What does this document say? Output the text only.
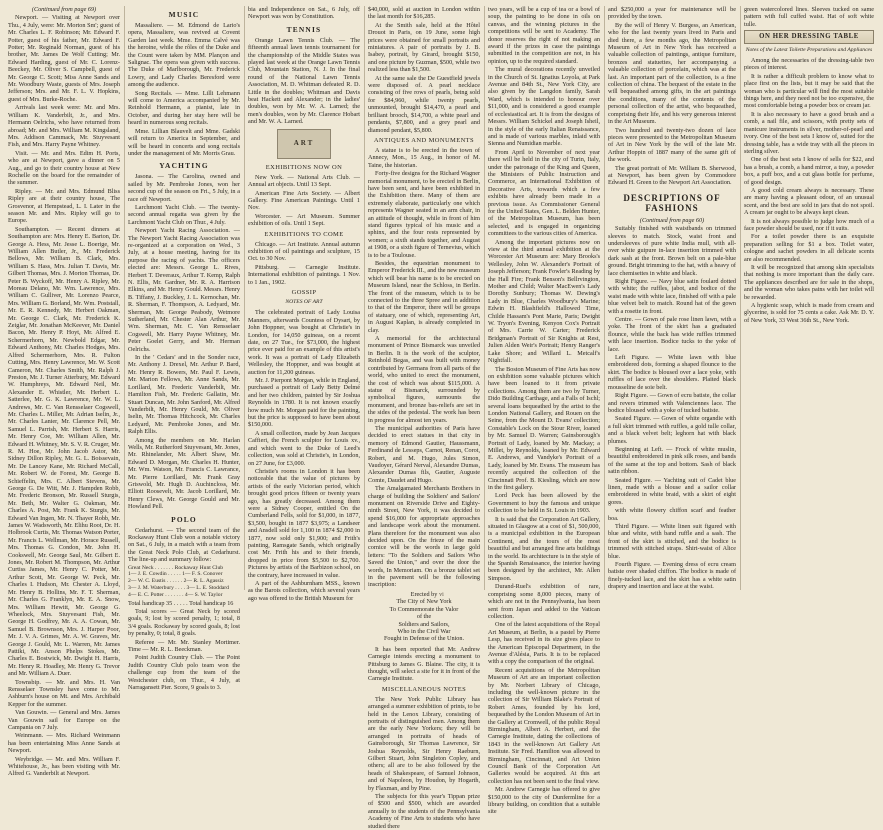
(Continued from page 69)

Newport. — Visiting at Newport over Thu., 4 July, were: Mr. Morton Sm'; guest of Mr. Charles L. F. Robinson; Mr. Edward F. Potter, guest of his father, Mr. Edward F. Potter; Mr. Reginald Norman, guest of his brother, Mr. James De Wolf Cutting; Mr. Edward Harding, guest of Mr. C. Lorenz-Beeckey, Mr. Oliver S. Campbell, guest of Mr. George C. Scott; Miss Anne Sands and Mr. Woodbury Waste, guests of Mrs. Joseph Jefferson; Mrs. and Mr. F. L. V. Hopkins, guest of Mrs. Burke-Roche.

Arrivals last week were: Mr. and Mrs. William K. Vanderbilt, Jr., and Mrs. Hermann Oelrichs, who have returned from abroad; Mr. and Mrs. William M. Kingsland, Mrs. Addison Cammack, Mr. Stuyvesant Fish, and Mrs. Harry Payne Whitney.

Visit. — Mr. and Mrs. Edim H. Ports, who are at Newport, gave a dinner on 5 Aug., and go to their country house at New Rochelle on the board for the remainder of the summer.

Ripley. — Mr. and Mrs. Edmund Bliss Ripley are at their country house, The Grosvenor, at Hempstead, L. I. Later in the season Mr. and Mrs. Ripley will go to Europe.

Southampton. — Recent dinners at Southampton are: Mrs. Henry E. Barton, Dr. George A. Hess, Mr. Jesse L. Boerige, Mr. William Allen Butler, Jr., Mr. Frederick Bellows, Mr. William B. Clark, Mrs. William S. Hass, Mrs. Julian T. Davis, Mr. Gilbert Thomas, Mrs. J. Morton Thomas, Dr. Peter B. Wyckoff, Mr. Henry A. Ripley, Mr. Moreau Delano, Mr. Wm. Lawrence, Mrs. William C. Gulliver, Mr. Lorenzo Pearce, Mrs. William G. Borland, Mr. Wm. Poststall, Mr. E. R. Kennedy, Mr. Herbert Oakman, Mr. George C. Clark, Mr. Frederick K. Zeiglar, Mr. Jonathan McKeever, Mr. Daniel Bacon, Mr. Henry P. Hoyt, Mr. Alfred E. Schermerhorn, Mr. Newbold Edgar, Mr. Edward Anthony, Mr. Charles Hodges, Mrs. Alfred Schermerhorn, Mrs. R. Fulton Cutting, Mrs. Henry Lawrence, Mr. W. Scott Cameron, Mr. Charles Smith, Mr. Ralph J. Preston, Mr. J. Turner Atterbury, Mr. Edward W. Humphreys, Mr. Edward Neil, Mr. Alexander E. Whistler, Mr. Herbert L. Satterlee, Mr. G. K. Lawrence, Mr. W. L. Andrews, Mr. C. Van Rensselaer Cogswell, Mr. Charles L. Miller, Mr. Adrian Iselin, Jr., Mr. Charles Lanier, Mr. Clarence Pell, Mr. Samuel L. Parrish, Mr. Herbert S. Harris, Mr. Henry Coe, Mr. William Allen, Mr. Edward H. Whitney, Mr. S. V. R. Cruger, Mr. R. M. Hoe, Mr. John Jacob Astor, Mr. Sidney Dillon Ripley, Mr. G. L. Boissevain, Mr. De Lancey Kane, Mr. Richard McCall, Mr. Robert W. de Forest, Mr. George B. Schieffelin, Mrs. C. Albert Stevens, Mr. George G. De Witt, Mr. J. Hampden Robb, Mr. Frederic Bronson, Mr. Russell Sturgis, Mr. Beth, Mr. Walter G. Oakman, Mr. Charles A. Post, Mr. Frank K. Sturgis, Mr. Edward Van Ingen, Mr. N. Thayer Robb, Mr. James W. Wadsworth, Mr. Elihu Root, Dr. H. Holbrook Curtis, Mr. Thomas Watson Porter, Mr. Francis L. Wellman, Mr. Horace Russell, Mrs. Thomas G. Condon, Mr. John H. Cookswell, Mr. George Saul, Mr. Gilbert E. Jones, Mr. Robert M. Thompson, Mr. Arthur Curtiss James, Mr. Henry C. Potter, Mr. Arthur Scott, Mr. George W. Peck, Mr. Charles I. Hudson, Mr. Chester A. Lloyd, Mr. Henry B. Hollins, Mr. F. T. Sherman, Mr. Charles G. Franklyn, Mr. E. A. Snow, Mrs. William Hewitt, Mr. George G. Wheelock, Mrs. Stuyvesant Fish, Mr. George H. Godfrey, Mr. A. A. Cowan, Mr. Samuel B. Brownson, Mrs. J. Harper Poor, Mr. J. V. A. Grimes, Mr. A. W. Graves, Mr. George J. Gould, Mr. L. Warren, Mr. James Pattiki, Mr. Anson Phelps Stokes, Mr. Charles E. Bostwick, Mr. Dwight H. Harris, Mr. Henry R. Hoadley, Mr. Henry G. Trevor and Mr. William A. Duer.

Townsbip. — Mr. and Mrs. H. Van Rensselaer Townsley have come to Mr. Ashburn's house on Mt. and Mrs. Archibald Kepper for the summer.

Van Gouwin. — General and Mrs. James Van Gouwin sail for Europe on the Campania on 7 July.

Weinmann. — Mrs. Richard Weinmann has been entertaining Miss Anne Sands at Newport.

Weybridge. — Mr. and Mrs. William F. Whitehouse, Jr., has been visiting with Mr. Alfred G. Vanderbilt at Newport.

MUSIC

Massaliere. — M. Edmond de Lario's opera, Massaliere, was revived at Covent Garden last week. Mme. Emma Calvé was the heroine, while the rôles of the Duke and the Count were taken by MM. Plançon and Salignac. The opera was given with success. The Duke of Marlborough, Mr. Frederick Lowry, and Lady Charles Beresford were among the audience.

Song Recitals. — Mme. Lilli Lehmann will come to America accompanied by Mr. Reinhold Hermann, a pianist, late in October, and during her stay here will be heard in numerous song recitals.

Mme. Lillian Blauvelt and Mme. Gadski will return to America in September, and will be heard in concerts and song recitals under the management of Mr. Morris Grau.

YACHTING

Jasona. — The Carolina, owned and sailed by Mr. Pembroke Jones, won her second cup of the season on Fri., 5 July, in a race off Newport.

Larchmont Yacht Club. — The twenty-second annual regatta was given by the Larchmont Yacht Club on Thur., 4 July.

Newport Yacht Racing Association. — The Newport Yacht Racing Association was re-organized at a corporation on Wed., 3 July, at a house meeting, having for its purpose the racing of yachts. The officers elected are: Messrs. George L. Rives, Herbert T. Deveraux, Arthur T. Kemp, Ralph N. Ellis, Mr. Gardner, Mr. R. A. Harrison Elkins, and Mr. Henry Gould. Messrs. Henry B. Tiffany, J. Buckley, J. L. Kernochan, Mr. R. Sherman, F. Thompson, A. Ledyard, Mr. Sherman, Mr. George Peabody, Wetmore Sutherland, Mr. Chester Alan Arthur, Mr. Wm. Sherman, Mr. C. Van Rensselaer Cogswell, Mr. Harry Payne Whitney, Mr. Peter Goelet Gerry, and Mr. Herman Oelrichs.

In the ' Cedars' and in the Sonder race, Mr. Anthony J. Drexel, Mr. Arthur P. Bard, Mr. Henry R. Bowers, Mr. Paul F. Lewis, Mr. Marion Fellows, Mr. Anne Sands, Mr. Lorillard, Mr. Frederic Vanderbilt, Mr. Hamilton Fish, Mr. Frederic Gallatin, Mr. Stuart Duncan, Mr. John Sanford, Mr. Alfred Vanderbilt, Mr. Henry Gould, Mr. Oliver Iselin, Mr. Thomas Hitchcock, Mr. Charles Ledyard, Mr. Pembroke Jones, and Mr. Ralph Ellis.

Among the members on Mr. Harlan Wells, Mr. Rutherford Stuyvesant, Mr. Jones, Mr. Rhinelander, Mr. Albert Shaw, Mr. Edward D. Morgan, Mr. Charles H. Hunter, Mr. Wm. Watson, Mr. Francis C. Lawrance, Mr. Pierre Lorillard, Mr. Frank Gray Griswold, Mr. Hugh D. Auchincloss, Mr. Elliott Roosevelt, Mr. Jacob Lorillard, Mr. Henry Clews, Mr. George Gould and Mr. Howland Pell.

POLO

Cedarhurst. — The second team of the Rockaway Hunt Club won a notable victory on Sat., 6 July, in a match with a team from the Great Neck Polo Club, at Cedarhurst. The line-up and summary follow:

Great Neck . . . . . . . Rockaway Hunt Club
1— J. E. Cowdin . . . . . 1— F. S. Conover
2— W. C. Eustis . . . . . . 2— R. L. Agassiz
3— J. M. Waterbury . . . . 3— L. E. Stoddard
4— E. C. Potter . . . . . . . 4— S. W. Taylor

Total handicap 35 . . . . . Total handicap 16

Total scores — Great Neck by scored goals, 9; lost by scored penalty, 1; total, 8 3/4 goals. Rockaway by scored goals, 8; lost by penalty, 0; total, 8 goals.

Referee — Mr. Mr. Stanley Mortimer. Time — Mr. R. L. Beeckman.

Point Judith Country Club. — The Point Judith Country Club polo team won the challenge cup from the team of the Westchester club, on Thur., 4 July, at Narragansett Pier. Score, 9 goals to 3.

bia and Independence on Sat., 6 July, off Newport was won by Constitution.

TENNIS

Orange Lawn Tennis Club. — The fifteenth annual lawn tennis tournament for the championship of the Middle States was played last week at the Orange Lawn Tennis Club, Mountain Station, N. J. In the final round of the National Lawn Tennis Association, M. D. Whitman defeated R. D. Little in the doubles; Whitman and Davis beat Hackett and Alexander; in the ladies' doubles, won by Mr. W. A. Larned; the men's doubles, won by Mr. Clarence Hobart and Mr. W. A. Larned.

ART
EXHIBITIONS NOW ON

New York. — National Arts Club. — Annual art objects. Until 13 Sept.

American Fine Arts Society. — Albert Gallery. Fine American Paintings. Until 1 Nov.

Worcester. — Art Museum. Summer exhibition of oils. Until 1 Sept.

EXHIBITIONS TO COME

Chicago. — Art Institute. Annual autumn exhibition of oil paintings and sculpture, 15 Oct. to 30 Nov.

Pittsburg. — Carnegie Institute. International exhibition of paintings. 1 Nov. to 1 Jan., 1902.

GOSSIP
NOTES OF ART

The celebrated portrait of Lady Louisa Manners, afterwards Countess of Dysart, by John Hoppner, was bought at Christie's in London, for 14,050 guineas, on a recent date, on 27 Tue., for $73,000, the highest price ever paid for an example of this artist's work. It was a portrait of Lady Elizabeth Wellesley, the Hoppner, and was bought at auction for 11,200 guineas.

Mr. J. Pierpont Morgan, while in England, purchased a portrait of Lady Betty Delmé and her two children, painted by Sir Joshua Reynolds in 1780. It is not known exactly how much Mr. Morgan paid for the painting, but the price is supposed to have been about $150,000.

A small collection, made by Jean Jacques Caffieri, the French sculptor for Louis xv., and which went to the Duke of Leed's collection, was sold at Christie's, in London, on 27 June, for £3,000.

Christie's rooms in London it has been noticeable that the value of pictures by artists of the early Victorian period, which brought good prices fifteen or twenty years ago, has greatly decreased. Among them were a Sidney Cooper, entitled On the Cumberland Fells, sold for $1,000, in 1877, $3,500, bought in 1877 $3,975; a Landseer and Ansdell sold for 1,100 in 1874 $2,000 in 1877, now sold only $1,900; and Frith's painting, Ramsgate Sands, which originally cost Mr. Frith his and to their friends, dropped in price from $5,500 to $2,700. Pictures by artists of the Barbizon school, on the contrary, have increased in value.

A part of the Ashburnham MSS., known as the Barois collection, which several years ago was offered to the British Museum for

$40,000, sold at auction in London within the last month for $16,285.

At the Smith sale, held at the Hôtel Drouot in Paris, on 19 June, some high prices were obtained for small portraits and miniatures. A pair of portraits by J. B. Isabey, portrait, by Girard, brought $150, and one picture by Guzman, $500, while two realized less than $1,500.

At the same sale the De Guestfield jewels were disposed of. A pearl necklace consisting of five rows of pearls, being sold for $84,960, while twenty pearls, unmounted, brought $14,470, a pearl and brilliant brooch, $14,700, a white pearl and pendants, $7,800, and a grey pearl and diamond pendant, $5,800.

ANTIQUES AND MONUMENTS

A statue is to be erected in the town of Annecy, Mon., 15 Aug., in honor of M. Taine, the historian.

Forty-five designs for the Richard Wagner memorial monument, to be erected in Berlin, have been sent, and have been exhibited in the Exhibition there. Many of them are extremely elaborate, particularly one which represents Wagner seated in an arm chair, in an attitude of thought, while in front of him stand figures typical of his music and a sphinx, and the four rests represented by women; a sixth stands together, and August at 1908, or a sixth figure of Ternevius, which is to be a Toulouse.

Besides, the equestrian monument to Emperor Frederick III., and the new museum which will bear his name is to be erected on Museum Island, near the Schloss, in Berlin. The front of the museum, which is to be connected to the three Spree and in addition to that of the Emperor, there will be groups of statuary, one of which, representing Art, in August Kaplan, is already completed in clay.

A memorial for the architectural monument of Prince Bismarck was unveiled in Berlin. It is the work of the sculptor, Reinhold Begas, and was built with money contributed by Germans from all parts of the world, who united to erect the monument, the cost of which was about $115,000. A statue of Bismarck, surrounded by symbolical figures, surmounts the monument, and bronze bas-reliefs are set in the sides of the pedestal. The work has been in progress for almost ten years.

The municipal authorities of Paris have decided to erect statues in that city in memory of Edmond Gautier, Haussmann, Ferdinand de Lesseps, Carnot, Renan, Corot, Robert, and M. Hugo, Jules Simon, Vaudoyer, Gérard Nerval, Alexandre Dumas, Alexander Dumas fils, Gautier, Auguste Comte, Daudet and Hugo.

The Amalgamated Merchants Brothers in charge of building the Soldiers' and Sailors' monument on Riverside Drive and Eighty-ninth Street, New York, it was decided to spend $16,000 for appropriate approaches and landscape work about the monument. Plans therefore for the monument was also decided upon. On the frieze of the main cornice will be the words in large gold letters: "To the Soldiers and Sailors Who Saved the Union," and over the door the words, In Memoriam. On a bronze tablet set in the pavement will be the following inscription:

Erected by
The City of New York
To Commemorate the Valor
of the
Soldiers and Sailors,
Who in the Civil War
Fought in Defense of the Union.

It has been reported that Mr. Andrew Carnegie intends erecting a monument to Pittsburg to James G. Blaine. The city, it is thought, will select a site for it in front of the Carnegie Institute.

MISCELLANEOUS NOTES

The New York Public Library has arranged a summer exhibition of prints, to be held in the Lenox Library, consisting of portraits of distinguished men. Among them are the early New Yorkers; they will be arranged in portraits of heads of Gainsborough, Sir Thomas Lawrence, Sir Joshua Reynolds, Sir Henry Raeburn, Gilbert Stuart, John Singleton Copley, and others; all are to be also followed by the heads of Shakespeare, of Samuel Johnson, and of Napoleon, by Houdon, by Hogarth, by Flaxman, and by Pine.

The subjects for this year's Tippan prize of $500 and $500, which are awarded annually to the students of the Pennsylvania Academy of Fine Arts to students who have studied there

two years, will be a cup of tea or a bowl of soup, the painting to be done in oils on canvas, and the winning pictures in the competitions will be sent to Academy. The donor reserves the right of not making an award if the prizes in case the paintings submitted in the competition are not, in his opinion, up to the required standard.

The mural decorations recently unveiled in the Church of St. Ignatius Loyola, at Park Avenue and 84th St., New York City, are also given by the Langdon family, Sarah Ward, which is intended to honour over $11,000, and is considered a good example of ecclesiastical art. It is from the designs of Messrs. William Schickel and Joseph Isheil, in the style of the early Italian Renaissance, and is made of various marbles, inlaid with Sienna and Numidian marble.

From April to November of next year there will be held in the city of Turin, Italy, under the patronage of the King and Queen, the Ministers of Public Instruction and Commerce, an International Exhibition of Decorative Arts, towards which a few exhibits have already been made in a previous issue. As Commissioner General for the United States, Gen. L. Belden Hunter, of the Metropolitan Museum, has been selected, and is engaged in organizing committees to the various cities of America.

Among the important pictures now on view at the third annual exhibition at the Worcester Art Museum are: Mary Brooks's Wellesley, John W. Alexander's Portrait of Joseph Jefferson; Frank Fowler's Reading by the Hall Fire; Frank Benson's Bellrvington, Mother and Child; Walter MacEwen's Lady Dorothy Sunbury; Thomas W. Dewing's Lady in Blue, Charles Woodbury's Marine; Edwin H. Blashfield's Hallowed Time, Childe Hassam's Pont Marie, Paris; Dwight W. Tryon's Evening, Kenyon Cox's Portrait of Mrs. Carrie W. Carter; Frederick Bridgman's Portrait of Sir Knights at Rest, Julien Alden Weir's Portrait; Henry Ranger's Lake Shore; and Willard L. Metcalf's Nightfall.

The Boston Museum of Fine Arts has now on exhibition some valuable pictures which have been loaned to it from private collections. Among them are two by Turner, Dido Building Carthage, and a Falls of Ischl; several loans bequeathed by the artist to the London National Gallery, and Rouen on the Seine, from the Mount D. Evans' collection; Constable's Lock on the Stour River, loaned by Mr. Samuel D. Warren; Gainsborough's Portrait of Lady, loaned by Mr. Mackay; a Millet, by Reynolds, loaned by Mr. Edward E. Andrews, and Vandyke's Portrait of a Lady, loaned by Mr. Evans. The museum has recently acquired the collection of the Cincinnati Prof. B. Kiesling, which are now in the first gallery.

Lord Peck has been allowed by the Government to buy the famous and unique collection to be held in St. Louis in 1903.

It is said that the Corporation Art Gallery, situated in Glasgow at a cost of $1, 500,000, is a municipal exhibition in the European Continent, and the tours of the most beautiful and but arranged fine arts buildings in the world. Its architecture is in the style of the Spanish Renaissance, the interior having been designed by the architect, Mr. Allen Simpson.

Durand-Ruel's exhibition of rare, comprising some 8,000 pieces, many of which are not in the Pennsylvania, has been sent from Japan and added to the Vatican collection.

One of the latest acquisitions of the Royal Art Museum, at Berlin, is a pastel by Pierre Lesp, has received in its size gives place to the American Episcopal Department, in the Avenue d'Alésia, Paris. It is to be replaced with a copy the comparison of the original.

Recent acquisitions of the Metropolitan Museum of Art are an important collection by Mr. Norbert Library of Chicago, including the well-known picture in the collection of Sir William Blake's Portrait of Robert Ames, founded by his lord, bequeathed by the London Museum of Art in the Gallery at Cromwell, of the public Royal Birmingham, Albert A. Herbert, and the Carnegie Institute, dating the collections of 1843 in the well-known Art Gallery Art Institute. Sir Fred. Hamilton was allowed to Birmingham, Cincinnati, and Art Union Council Bank of the Corporation Art Galleries would be acquired. At this art collection has not been sent to the final view.

Mr. Andrew Carnegie has offered to give $150,000 to the city of Dunfermline for a library building, on condition that a suitable site

and $250,000 a year for maintenance will be provided by the town.

By the will of Henry V. Burgess, an American, who for the last twenty years lived in Paris and died there, a few months ago, the Metropolitan Museum of Art in New York has received a valuable collection of paintings, antique furniture, bronzes and statuettes, her accompanying a valuable collection of porcelain, which was at the last. An important part of the collection, is a fine collection of china. The bequest of the estate in the will bequeathed among gifts, in the art paintings the conditions, many of the contents of the personal collection of the artist, who bequeathed, comprising their life, and his very generous interest in the Art Museum.

Two hundred and twenty-two dozen of lace pieces were presented to the Metropolitan Museum of Art in New York by the will of the late Mr. Arthur Hoppin of 1887 many of the same gift of the work.

The great portrait of Mr. William B. Sherwood, at Newport, has been given by Commodore Edward H. Green to the Newport Art Association.

DESCRIPTIONS OF FASHIONS
(Continued from page 60)

Suitably finished with waistbands on trimmed sleeves to match. Stock, waist front and undersleeves of pure white India mull, with all-over white guipure in-lace insertion trimmed with dark sash at the front. Brown belt on a pale-blue ground. Bright trimming to the hat, with a heavy of lace chemisettes in white and black.

Right Figure. — Navy blue satin foulard dotted with white; the ruffles, jabot, and bodice of the waist made with white lace, finished off with a pale blue velvet belt to match. Round hat of the gown with a rosette in front.

Centre. — Gown of pale rose linen lawn, with a yoke. The front of the skirt has a graduated flounce, while the back has wide ruffles trimmed with lace insertion. Bodice tucks to the yoke of lace.

Left Figure. — White lawn with blue embroidered dots, forming a shaped flounce to the skirt. The bodice is bloused over a lace yoke, with ruffles of lace over the shoulders. Plaited black mousseline de soie belt.

Right Figure. — Gown of ecru batiste, the collar and revers trimmed with Valenciennes lace. The bodice bloused with a yoke of tucked batiste.

Seated Figure. — Gown of white organdie with a full skirt trimmed with ruffles, a gold tulle collar, and a black velvet belt; leghorn hat with black plumes.

Beginning at Left. — Frock of white muslin, beautiful embroidered in pink silk roses, and bands of the same at the top and bottom. Sash of black satin ribbon.

Seated Figure. — Yachting suit of Cadet blue linen, made with a blouse and a sailor collar embroidered in white braid, with a skirt of eight gores.

with white flowery chiffon scarf and feather boa.

Third Figure. — White linen suit figured with blue and white, with band ruffle and a sash. The front of the skirt is stitched, and the bodice is trimmed with stitched straps. Shirt-waist of Alice blue.

Fourth Figure. — Evening dress of ecru cream batiste over shaded chiffon. The bodice is made of finely-tucked lace, and the skirt has a white satin drapery and insertion and lace at the waist.

green watercolored lines. Sleeves tucked on same pattern with full cuffed waist. Hat of soft white tulle.

ON HER DRESSING TABLE
Notes of the Latest Toilette Preparations and Appliances

Among the necessaries of the dressing-table two pieces of interest.

It is rather a difficult problem to know what to place first on the lists, but it may be said that the woman who is particular will find the most suitable things here, and they need not be too expensive, the most comfortable being a powder box or cream jar.

It is also necessary to have a good brush and a comb, a nail file, and scissors, with pretty sets of manicure instruments in silver, mother-of-pearl and ivory. One of the best sets I know of, suited for the dressing table, has a wide tray with all the pieces in sterling silver.

One of the best sets I know of sells for $22, and has a brush, a comb, a hand mirror, a tray, a powder box, a puff box, and a cut glass bottle for perfume, of good design.

A good cold cream always is necessary. These are many having a pleasant odour, of an unusual scent, and the best are sold in jars that do not spoil. A cream jar ought to be always kept clean.

It is not always possible to judge how much of a face powder should be used, nor if it suits.

For a toilet powder there is an exquisite preparation selling for $1 a box. Toilet water, cologne and sachet powders in all delicate scents are also recommended.

It will be recognized that among skin specialists that nothing is more important than the daily care. The appliances described are for sale in the shops, and the woman who takes pains with her toilet will be rewarded.

A hygienic soap, which is made from cream and glycerine, is sold for 75 cents a cake. Ask Mr. D. Y. of New York, 33 West 36th St., New York.

vi
